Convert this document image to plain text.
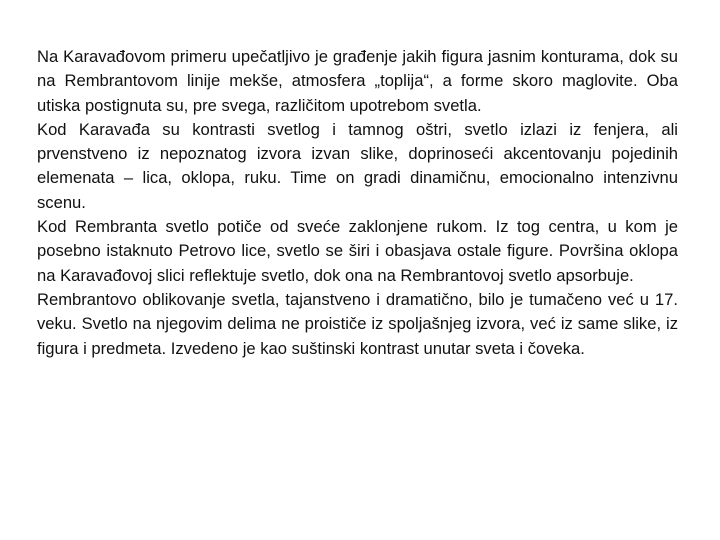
Na Karavađovom primeru upečatljivo je građenje jakih figura jasnim konturama, dok su na Rembrantovom linije mekše, atmosfera „toplija“, a forme skoro maglovite. Oba utiska postignuta su, pre svega, različitom upotrebom svetla.

Kod Karavađa su kontrasti svetlog i tamnog oštri, svetlo izlazi iz fenjera, ali prvenstveno iz nepoznatog izvora izvan slike, doprinoseći akcentovanju pojedinih elemenata – lica, oklopa, ruku. Time on gradi dinamičnu, emocionalno intenzivnu scenu.

Kod Rembranta svetlo potiče od sveće zaklonjene rukom. Iz tog centra, u kom je posebno istaknuto Petrovo lice, svetlo se širi i obasjava ostale figure. Površina oklopa na Karavađovoj slici reflektuje svetlo, dok ona na Rembrantovoj svetlo apsorbuje.

Rembrantovo oblikovanje svetla, tajanstveno i dramatično, bilo je tumačeno već u 17. veku. Svetlo na njegovim delima ne proističe iz spoljašnjeg izvora, već iz same slike, iz figura i predmeta. Izvedeno je kao suštinski kontrast unutar sveta i čoveka.
